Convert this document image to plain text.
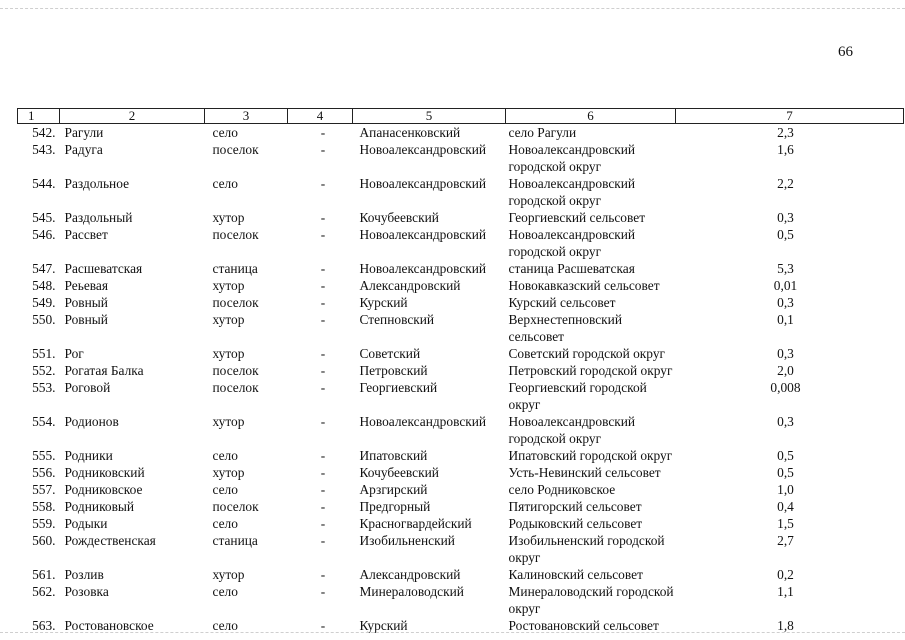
66
1	2	3	4	5	6	7
542.	Рагули	село	-	Апанасенковский	село Рагули	2,3
543.	Радуга	поселок	-	Новоалександровский	Новоалександровский городской округ	1,6
544.	Раздольное	село	-	Новоалександровский	Новоалександровский городской округ	2,2
545.	Раздольный	хутор	-	Кочубеевский	Георгиевский сельсовет	0,3
546.	Рассвет	поселок	-	Новоалександровский	Новоалександровский городской округ	0,5
547.	Расшеватская	станица	-	Новоалександровский	станица Расшеватская	5,3
548.	Реьевая	хутор	-	Александровский	Новокавказский сельсовет	0,01
549.	Ровный	поселок	-	Курский	Курский сельсовет	0,3
550.	Ровный	хутор	-	Степновский	Верхнестепновский сельсовет	0,1
551.	Рог	хутор	-	Советский	Советский городской округ	0,3
552.	Рогатая Балка	поселок	-	Петровский	Петровский городской округ	2,0
553.	Роговой	поселок	-	Георгиевский	Георгиевский городской округ	0,008
554.	Родионов	хутор	-	Новоалександровский	Новоалександровский городской округ	0,3
555.	Родники	село	-	Ипатовский	Ипатовский городской округ	0,5
556.	Родниковский	хутор	-	Кочубеевский	Усть-Невинский сельсовет	0,5
557.	Родниковское	село	-	Арзгирский	село Родниковское	1,0
558.	Родниковый	поселок	-	Предгорный	Пятигорский сельсовет	0,4
559.	Родыки	село	-	Красногвардейский	Родыковский сельсовет	1,5
560.	Рождественская	станица	-	Изобильненский	Изобильненский городской округ	2,7
561.	Розлив	хутор	-	Александровский	Калиновский сельсовет	0,2
562.	Розовка	село	-	Минераловодский	Минераловодский городской округ	1,1
563.	Ростовановское	село	-	Курский	Ростовановский сельсовет	1,8
